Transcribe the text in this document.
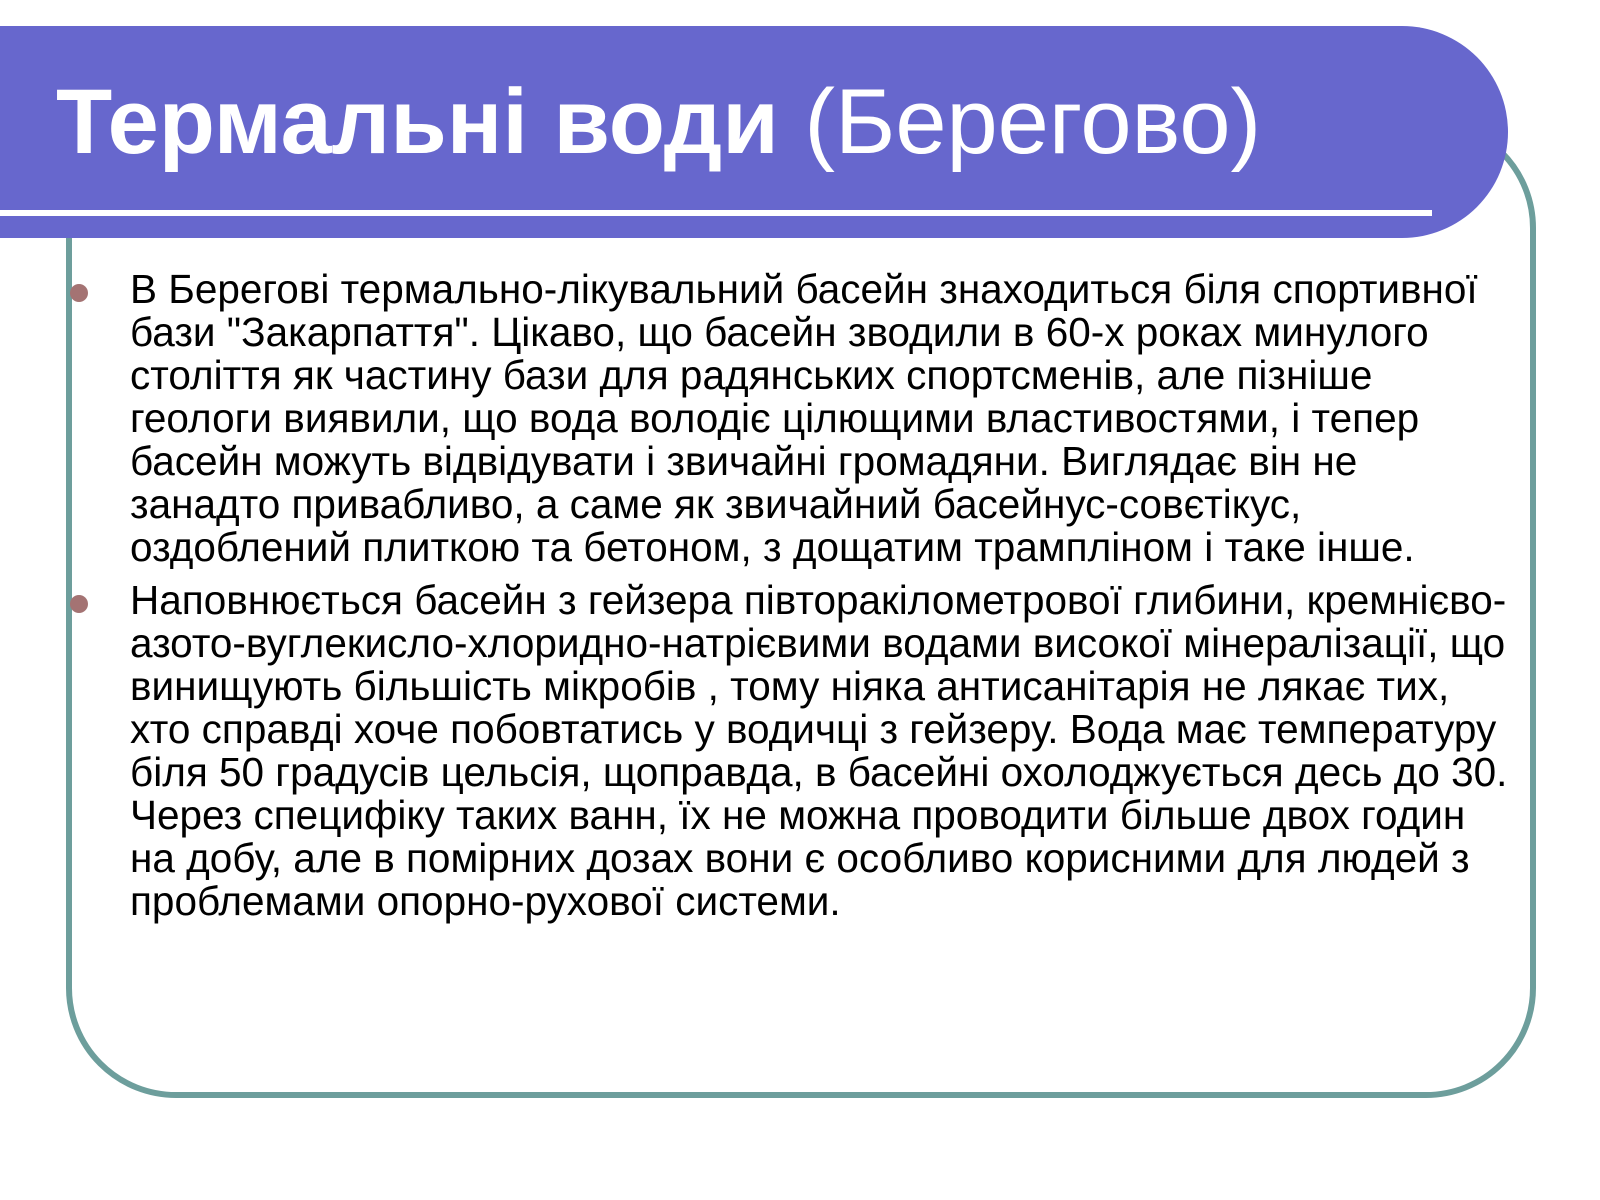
Термальні води (Берегово)
В Берегові термально-лікувальний басейн знаходиться біля спортивної бази "Закарпаття". Цікаво, що басейн зводили в 60-х роках минулого століття як частину бази для радянських спортсменів, але пізніше геологи виявили, що вода володіє цілющими властивостями, і тепер басейн можуть відвідувати і звичайні громадяни. Виглядає він не занадто привабливо, а саме як звичайний басейнус-совєтікус, оздоблений плиткою та бетоном, з дощатим трампліном і таке інше.
Наповнюється басейн з гейзера півторакілометрової глибини, кремнієво-азото-вуглекисло-хлоридно-натрієвими водами високої мінералізації, що винищують більшість мікробів , тому ніяка антисанітарія не лякає тих, хто справді хоче побовтатись у водичці з гейзеру. Вода має температуру біля 50 градусів цельсія, щоправда, в басейні охолоджується десь до 30. Через специфіку таких ванн, їх не можна проводити більше двох годин на добу, але в помірних дозах вони є особливо корисними для людей з проблемами опорно-рухової системи.
